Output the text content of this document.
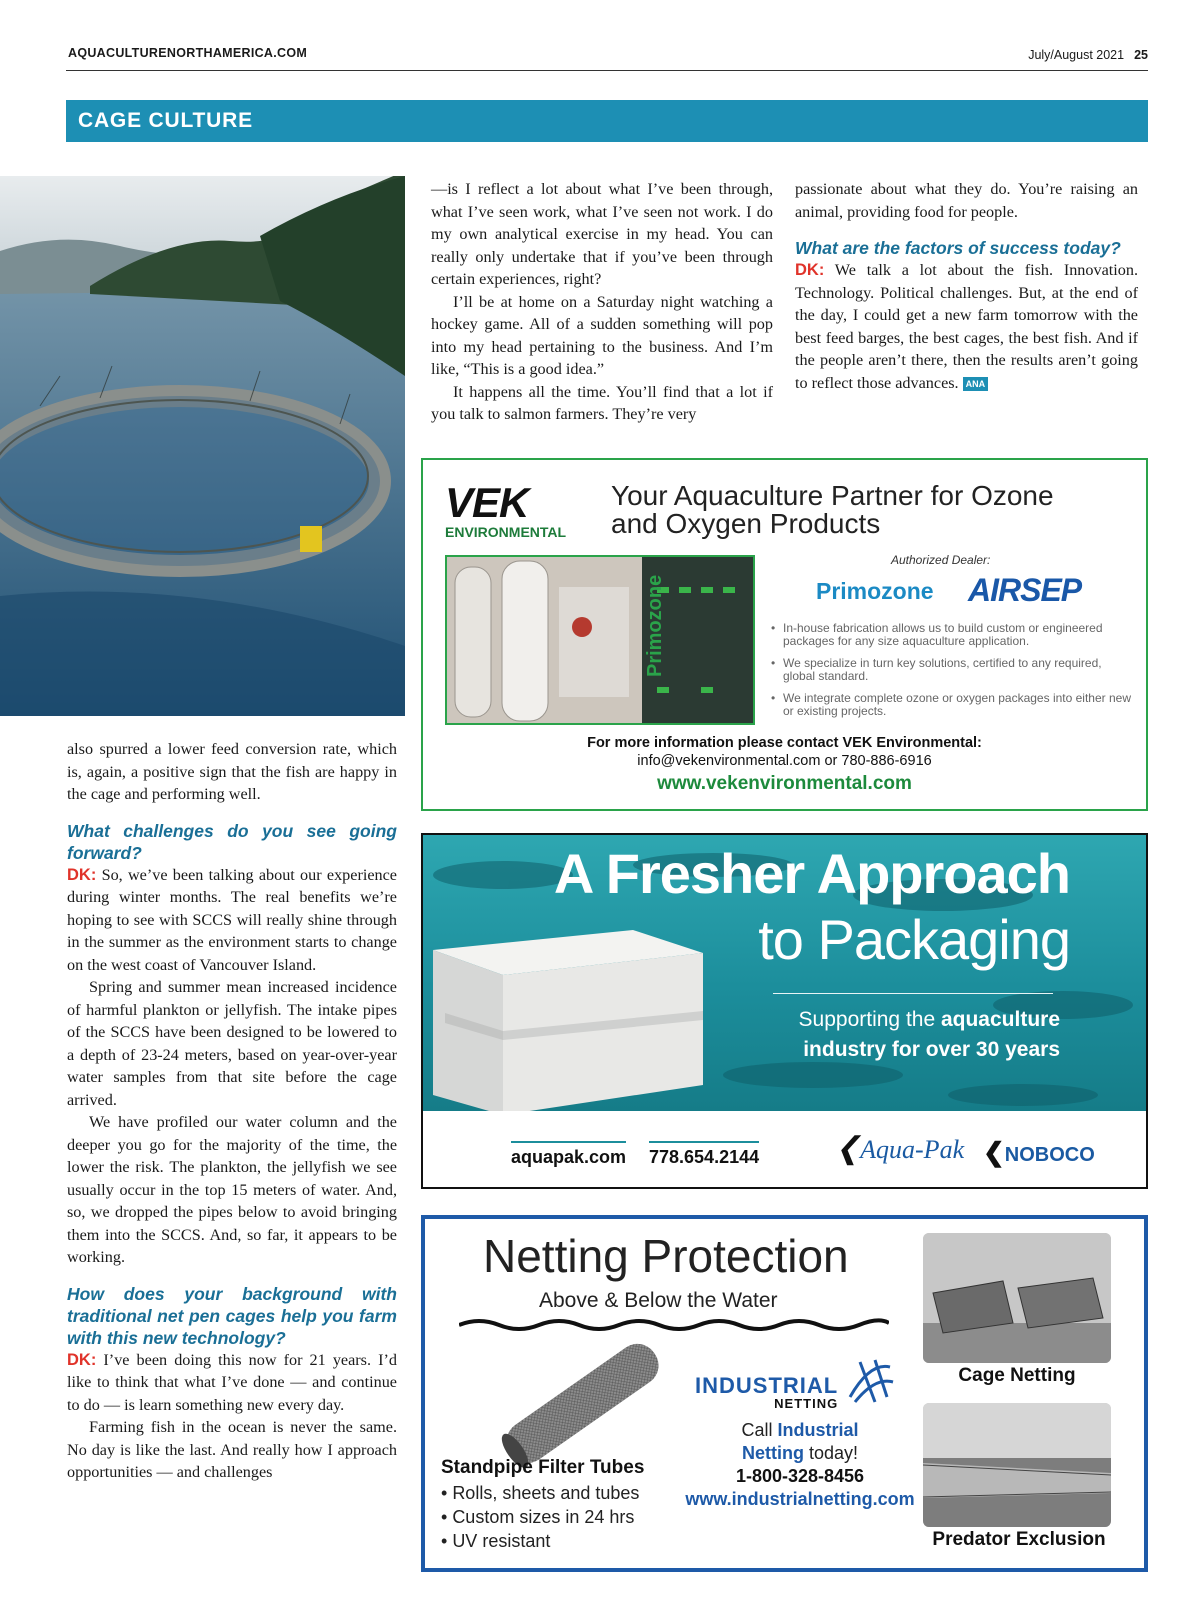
AQUACULTURENORTHAMERICA.COM	July/August 2021 25
CAGE CULTURE

also spurred a lower feed conversion rate, which is, again, a positive sign that the fish are happy in the cage and performing well.

What challenges do you see going forward?

DK: So, we’ve been talking about our experience during winter months. The real benefits we’re hoping to see with SCCS will really shine through in the summer as the environment starts to change on the west coast of Vancouver Island.

Spring and summer mean increased incidence of harmful plankton or jellyfish. The intake pipes of the SCCS have been designed to be lowered to a depth of 23-24 meters, based on year-over-year water samples from that site before the cage arrived.

We have profiled our water column and the deeper you go for the majority of the time, the lower the risk. The plankton, the jellyfish we see usually occur in the top 15 meters of water. And, so, we dropped the pipes below to avoid bringing them into the SCCS. And, so far, it appears to be working.

How does your background with traditional net pen cages help you farm with this new technology?

DK: I’ve been doing this now for 21 years. I’d like to think that what I’ve done — and continue to do — is learn something new every day.

Farming fish in the ocean is never the same. No day is like the last. And really how I approach opportunities — and challenges

—is I reflect a lot about what I’ve been through, what I’ve seen work, what I’ve seen not work. I do my own analytical exercise in my head. You can really only undertake that if you’ve been through certain experiences, right?

I’ll be at home on a Saturday night watching a hockey game. All of a sudden something will pop into my head pertaining to the business. And I’m like, “This is a good idea.”

It happens all the time. You’ll find that a lot if you talk to salmon farmers. They’re very

passionate about what they do. You’re raising an animal, providing food for people.

What are the factors of success today?

DK: We talk a lot about the fish. Innovation. Technology. Political challenges. But, at the end of the day, I could get a new farm tomorrow with the best feed barges, the best cages, the best fish. And if the people aren’t there, then the results aren’t going to reflect those advances. ANA

VEK
ENVIRONMENTAL
Your Aquaculture Partner for Ozone
and Oxygen Products
Primozone
Authorized Dealer:
Primozone AIRSEP
• In-house fabrication allows us to build custom or engineered packages for any size aquaculture application.
• We specialize in turn key solutions, certified to any required, global standard.
• We integrate complete ozone or oxygen packages into either new or existing projects.
For more information please contact VEK Environmental:
info@vekenvironmental.com or 780-886-6916
www.vekenvironmental.com
A Fresher Approach
to Packaging
Supporting the aquaculture
industry for over 30 years
aquapak.com 778.654.2144	❮Aqua-Pak ❮NOBOCO
Netting Protection
Above & Below the Water
Standpipe Filter Tubes
• Rolls, sheets and tubes
• Custom sizes in 24 hrs
• UV resistant
INDUSTRIAL
NETTING
Call Industrial
Netting today!
1-800-328-8456
www.industrialnetting.com
Cage Netting
Predator Exclusion
